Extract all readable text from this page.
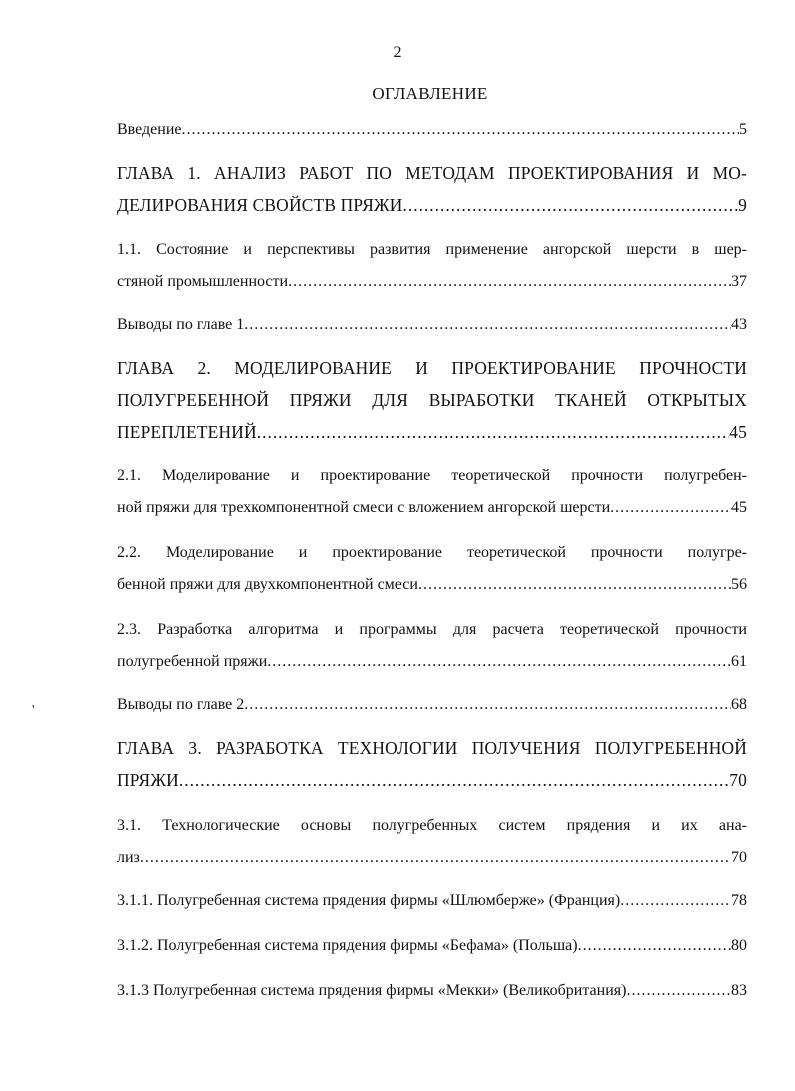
2
ОГЛАВЛЕНИЕ
'
Введение .....	5
ГЛАВА 1. АНАЛИЗ РАБОТ ПО МЕТОДАМ ПРОЕКТИРОВАНИЯ И МО-
ДЕЛИРОВАНИЯ СВОЙСТВ ПРЯЖИ .....	9
1.1. Состояние и перспективы развития применение ангорской шерсти в шер-
стяной промышленности .....	37
Выводы по главе 1 .....	43
ГЛАВА 2. МОДЕЛИРОВАНИЕ И ПРОЕКТИРОВАНИЕ ПРОЧНОСТИ
ПОЛУГРЕБЕННОЙ ПРЯЖИ ДЛЯ ВЫРАБОТКИ ТКАНЕЙ ОТКРЫТЫХ
ПЕРЕПЛЕТЕНИЙ .....	45
2.1. Моделирование и проектирование теоретической прочности полугребен-
ной пряжи для трехкомпонентной смеси с вложением ангорской шерсти .....	45
2.2. Моделирование и проектирование теоретической прочности полугре-
бенной пряжи для двухкомпонентной смеси .....	56
2.3. Разработка алгоритма и программы для расчета теоретической прочности
полугребенной пряжи .....	61
Выводы по главе 2 .....	68
ГЛАВА 3. РАЗРАБОТКА ТЕХНОЛОГИИ ПОЛУЧЕНИЯ ПОЛУГРЕБЕННОЙ
ПРЯЖИ .....	70
3.1. Технологические основы полугребенных систем прядения и их ана-
лиз .....	70
3.1.1. Полугребенная система прядения фирмы «Шлюмберже» (Франция) .....	78
3.1.2. Полугребенная система прядения фирмы «Бефама» (Польша) .....	80
3.1.3 Полугребенная система прядения фирмы «Мекки» (Великобритания) .....	83
